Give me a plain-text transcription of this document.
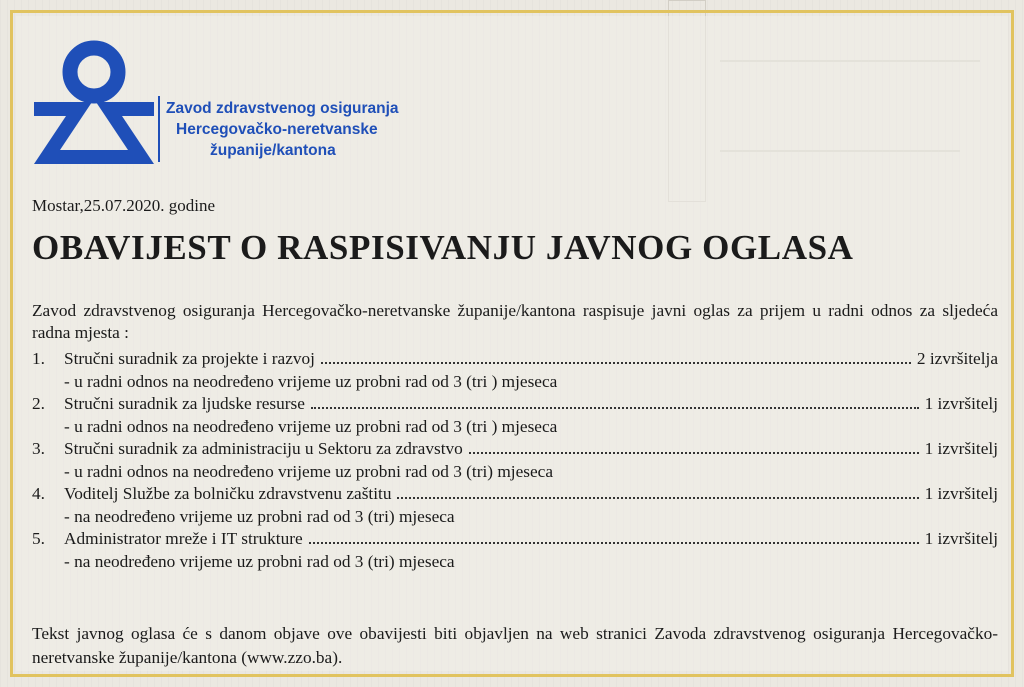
Zavod zdravstvenog osiguranja
Hercegovačko-neretvanske
županije/kantona
Mostar,25.07.2020. godine
OBAVIJEST O RASPISIVANJU JAVNOG OGLASA
Zavod zdravstvenog osiguranja Hercegovačko-neretvanske županije/kantona raspisuje javni oglas za prijem u radni odnos za sljedeća radna mjesta :
1.	Stručni suradnik za projekte i razvoj	2 izvršitelja
- u radni odnos na neodređeno vrijeme uz probni rad od 3 (tri ) mjeseca
2.	Stručni suradnik za ljudske resurse	1 izvršitelj
- u radni odnos na neodređeno vrijeme uz probni rad od 3 (tri ) mjeseca
3.	Stručni suradnik za administraciju u Sektoru za zdravstvo	1 izvršitelj
- u radni odnos na neodređeno vrijeme uz probni rad od 3 (tri) mjeseca
4.	Voditelj Službe za bolničku zdravstvenu zaštitu	1 izvršitelj
- na neodređeno vrijeme uz probni rad od 3 (tri) mjeseca
5.	Administrator mreže i IT strukture	1 izvršitelj
- na neodređeno vrijeme uz probni rad od 3 (tri) mjeseca
Tekst javnog oglasa će s danom objave ove obavijesti biti objavljen na web stranici Zavoda zdravstvenog osiguranja Hercegovačko-neretvanske županije/kantona (www.zzo.ba).
